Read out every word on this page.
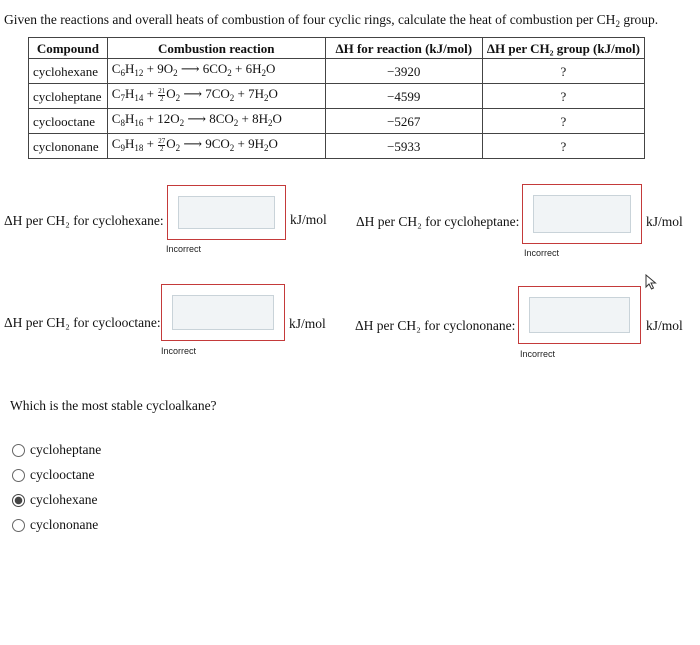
Given the reactions and overall heats of combustion of four cyclic rings, calculate the heat of combustion per $CH_2$ group.
Compound	Combustion reaction	ΔH for reaction (kJ/mol)	ΔH per CH₂ group (kJ/mol)
cyclohexane	$C_6H_{12} + 9O_2$ ⟶ $6CO_2 + 6H_2O$	−3920	?
cycloheptane	$C_7H_{14} + \frac{21}{2} O_2$ ⟶ $7CO_2 + 7H_2O$	−4599	?
cyclooctane	$C_8H_{16} + 12O_2$ ⟶ $8CO_2 + 8H_2O$	−5267	?
cyclononane	$C_9H_{18} + \frac{27}{2} O_2$ ⟶ $9CO_2 + 9H_2O$	−5933	?
ΔH per CH₂ for cyclohexane:	kJ/mol
Incorrect
ΔH per CH₂ for cycloheptane:	kJ/mol
Incorrect
ΔH per CH₂ for cyclooctane:	kJ/mol
Incorrect
ΔH per CH₂ for cyclononane:	kJ/mol
Incorrect
Which is the most stable cycloalkane?
cycloheptane
cyclooctane
cyclohexane
cyclononane
